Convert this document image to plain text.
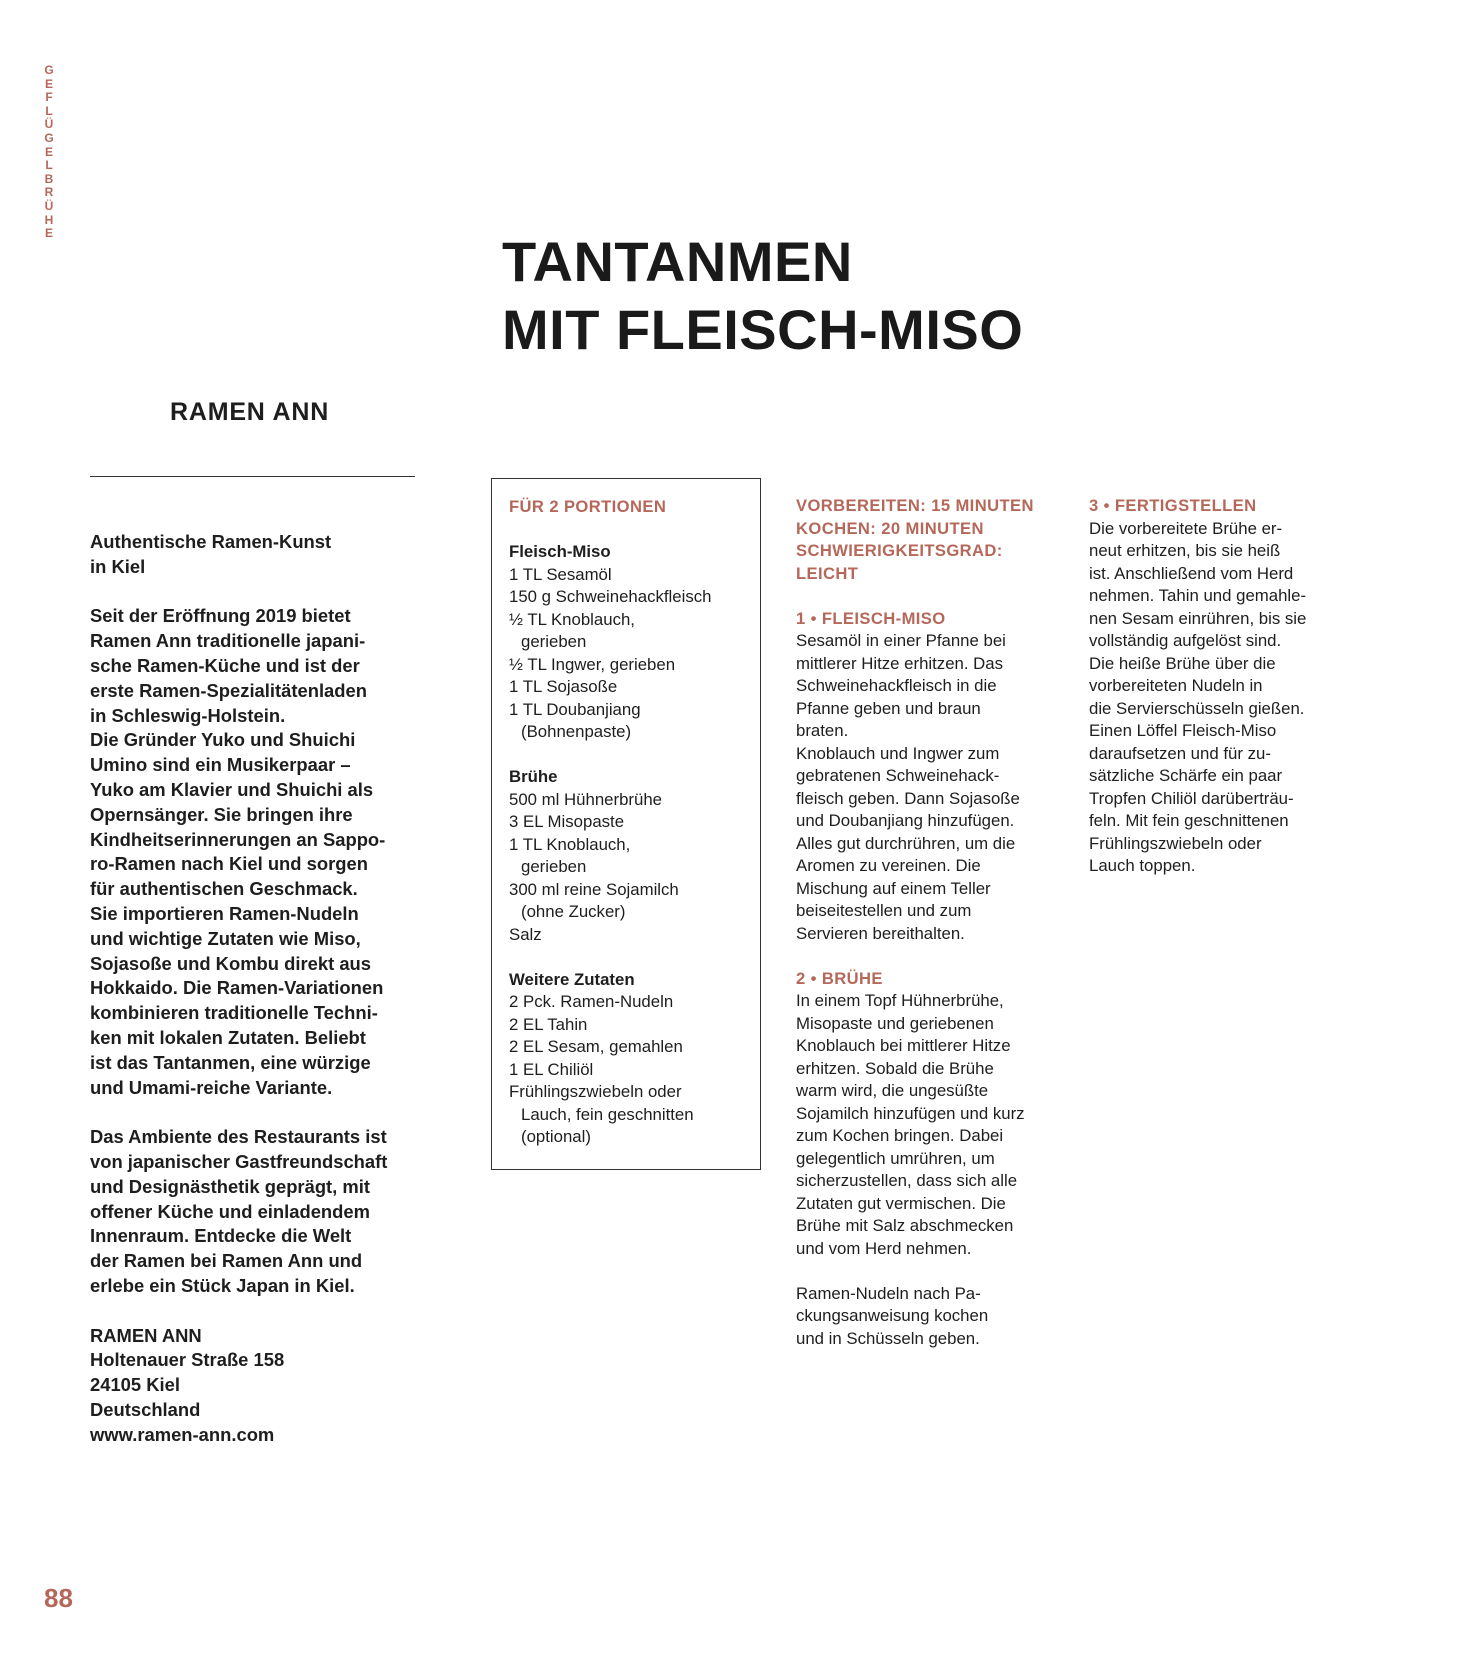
G
E
F
L
Ü
G
E
L
B
R
Ü
H
E	TANTANMEN
MIT FLEISCH-MISO
RAMEN ANN

Authentische Ramen-Kunst
in Kiel

Seit der Eröffnung 2019 bietet
Ramen Ann traditionelle japani-
sche Ramen-Küche und ist der
erste Ramen-Spezialitätenladen
in Schleswig-Holstein.
Die Gründer Yuko und Shuichi
Umino sind ein Musikerpaar –
Yuko am Klavier und Shuichi als
Opernsänger. Sie bringen ihre
Kindheitserinnerungen an Sappo-
ro-Ramen nach Kiel und sorgen
für authentischen Geschmack.
Sie importieren Ramen-Nudeln
und wichtige Zutaten wie Miso,
Sojasoße und Kombu direkt aus
Hokkaido. Die Ramen-Variationen
kombinieren traditionelle Techni-
ken mit lokalen Zutaten. Beliebt
ist das Tantanmen, eine würzige
und Umami-reiche Variante.

Das Ambiente des Restaurants ist
von japanischer Gastfreundschaft
und Designästhetik geprägt, mit
offener Küche und einladendem
Innenraum. Entdecke die Welt
der Ramen bei Ramen Ann und
erlebe ein Stück Japan in Kiel.

RAMEN ANN
Holtenauer Straße 158
24105 Kiel
Deutschland
www.ramen-ann.com

FÜR 2 PORTIONEN

Fleisch-Miso

1 TL Sesamöl
150 g Schweinehackfleisch
½ TL Knoblauch,
gerieben
½ TL Ingwer, gerieben
1 TL Sojasoße
1 TL Doubanjiang
(Bohnenpaste)

Brühe

500 ml Hühnerbrühe
3 EL Misopaste
1 TL Knoblauch,
gerieben
300 ml reine Sojamilch
(ohne Zucker)
Salz

Weitere Zutaten

2 Pck. Ramen-Nudeln
2 EL Tahin
2 EL Sesam, gemahlen
1 EL Chiliöl
Frühlingszwiebeln oder
Lauch, fein geschnitten
(optional)
VORBEREITEN: 15 MINUTEN
KOCHEN: 20 MINUTEN
SCHWIERIGKEITSGRAD:
LEICHT

1 • FLEISCH-MISO

Sesamöl in einer Pfanne bei
mittlerer Hitze erhitzen. Das
Schweinehackfleisch in die
Pfanne geben und braun
braten.
Knoblauch und Ingwer zum
gebratenen Schweinehack-
fleisch geben. Dann Sojasoße
und Doubanjiang hinzufügen.
Alles gut durchrühren, um die
Aromen zu vereinen. Die
Mischung auf einem Teller
beiseitestellen und zum
Servieren bereithalten.

2 • BRÜHE

In einem Topf Hühnerbrühe,
Misopaste und geriebenen
Knoblauch bei mittlerer Hitze
erhitzen. Sobald die Brühe
warm wird, die ungesüßte
Sojamilch hinzufügen und kurz
zum Kochen bringen. Dabei
gelegentlich umrühren, um
sicherzustellen, dass sich alle
Zutaten gut vermischen. Die
Brühe mit Salz abschmecken
und vom Herd nehmen.
Ramen-Nudeln nach Pa-
ckungsanweisung kochen
und in Schüsseln geben.

3 • FERTIGSTELLEN

Die vorbereitete Brühe er-
neut erhitzen, bis sie heiß
ist. Anschließend vom Herd
nehmen. Tahin und gemahle-
nen Sesam einrühren, bis sie
vollständig aufgelöst sind.
Die heiße Brühe über die
vorbereiteten Nudeln in
die Servierschüsseln gießen.
Einen Löffel Fleisch-Miso
daraufsetzen und für zu-
sätzliche Schärfe ein paar
Tropfen Chiliöl darüberträu-
feln. Mit fein geschnittenen
Frühlingszwiebeln oder
Lauch toppen.
88
